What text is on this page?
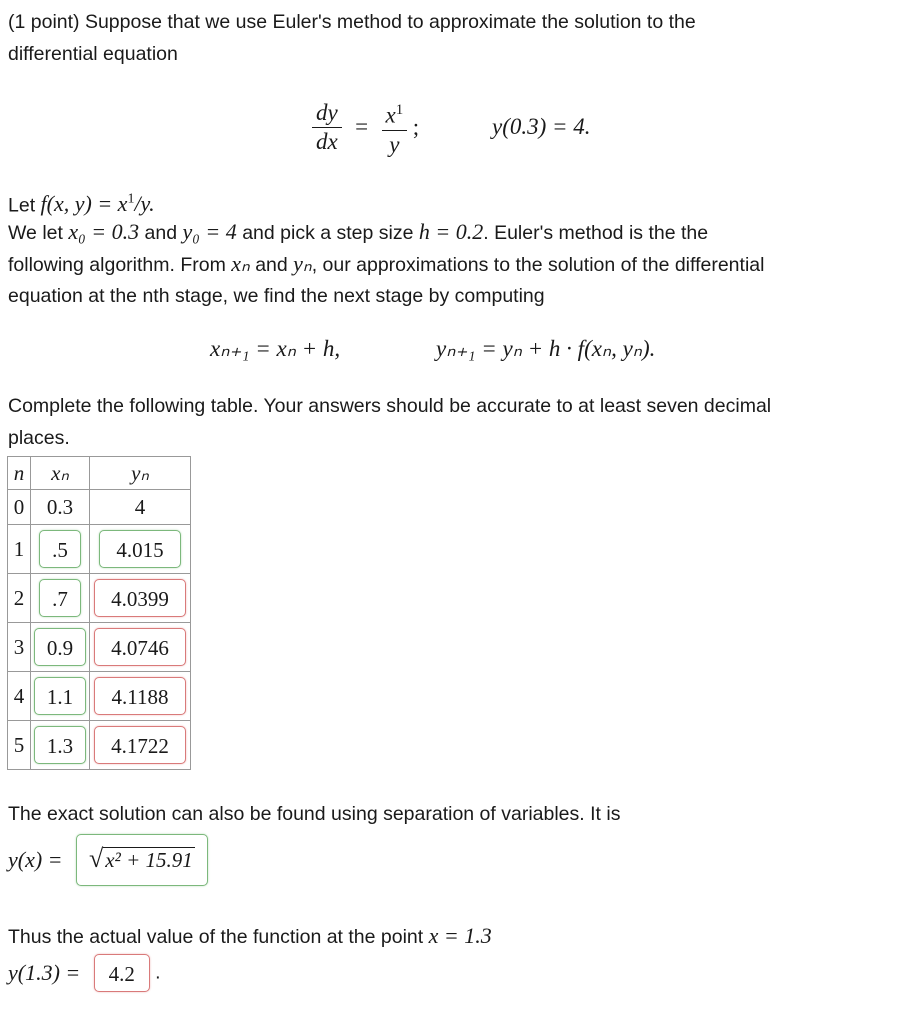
(1 point) Suppose that we use Euler's method to approximate the solution to the
differential equation
$\frac{dy}{dx} = \frac{x^1}{y}$ ;	y(0.3) = 4.
Let f(x, $y) = x^1/y$.
We let x₀ = 0.3 and y₀ = 4 and pick a step size h = 0.2. Euler's method is the the
following algorithm. From xₙ and yₙ, our approximations to the solution of the differential
equation at the nth stage, we find the next stage by computing
xₙ₊₁ = xₙ + h,	yₙ₊₁ = yₙ + h · f(xₙ, yₙ).
Complete the following table. Your answers should be accurate to at least seven decimal
places.
n	xₙ	yₙ
0	0.3	4
1	.5	4.015
2	.7	4.0399
3	0.9	4.0746
4	1.1	4.1188
5	1.3	4.1722
The exact solution can also be found using separation of variables. It is
y(x) = √x² + 15.91
Thus the actual value of the function at the point x = 1.3
y(1.3) = 4.2 .
